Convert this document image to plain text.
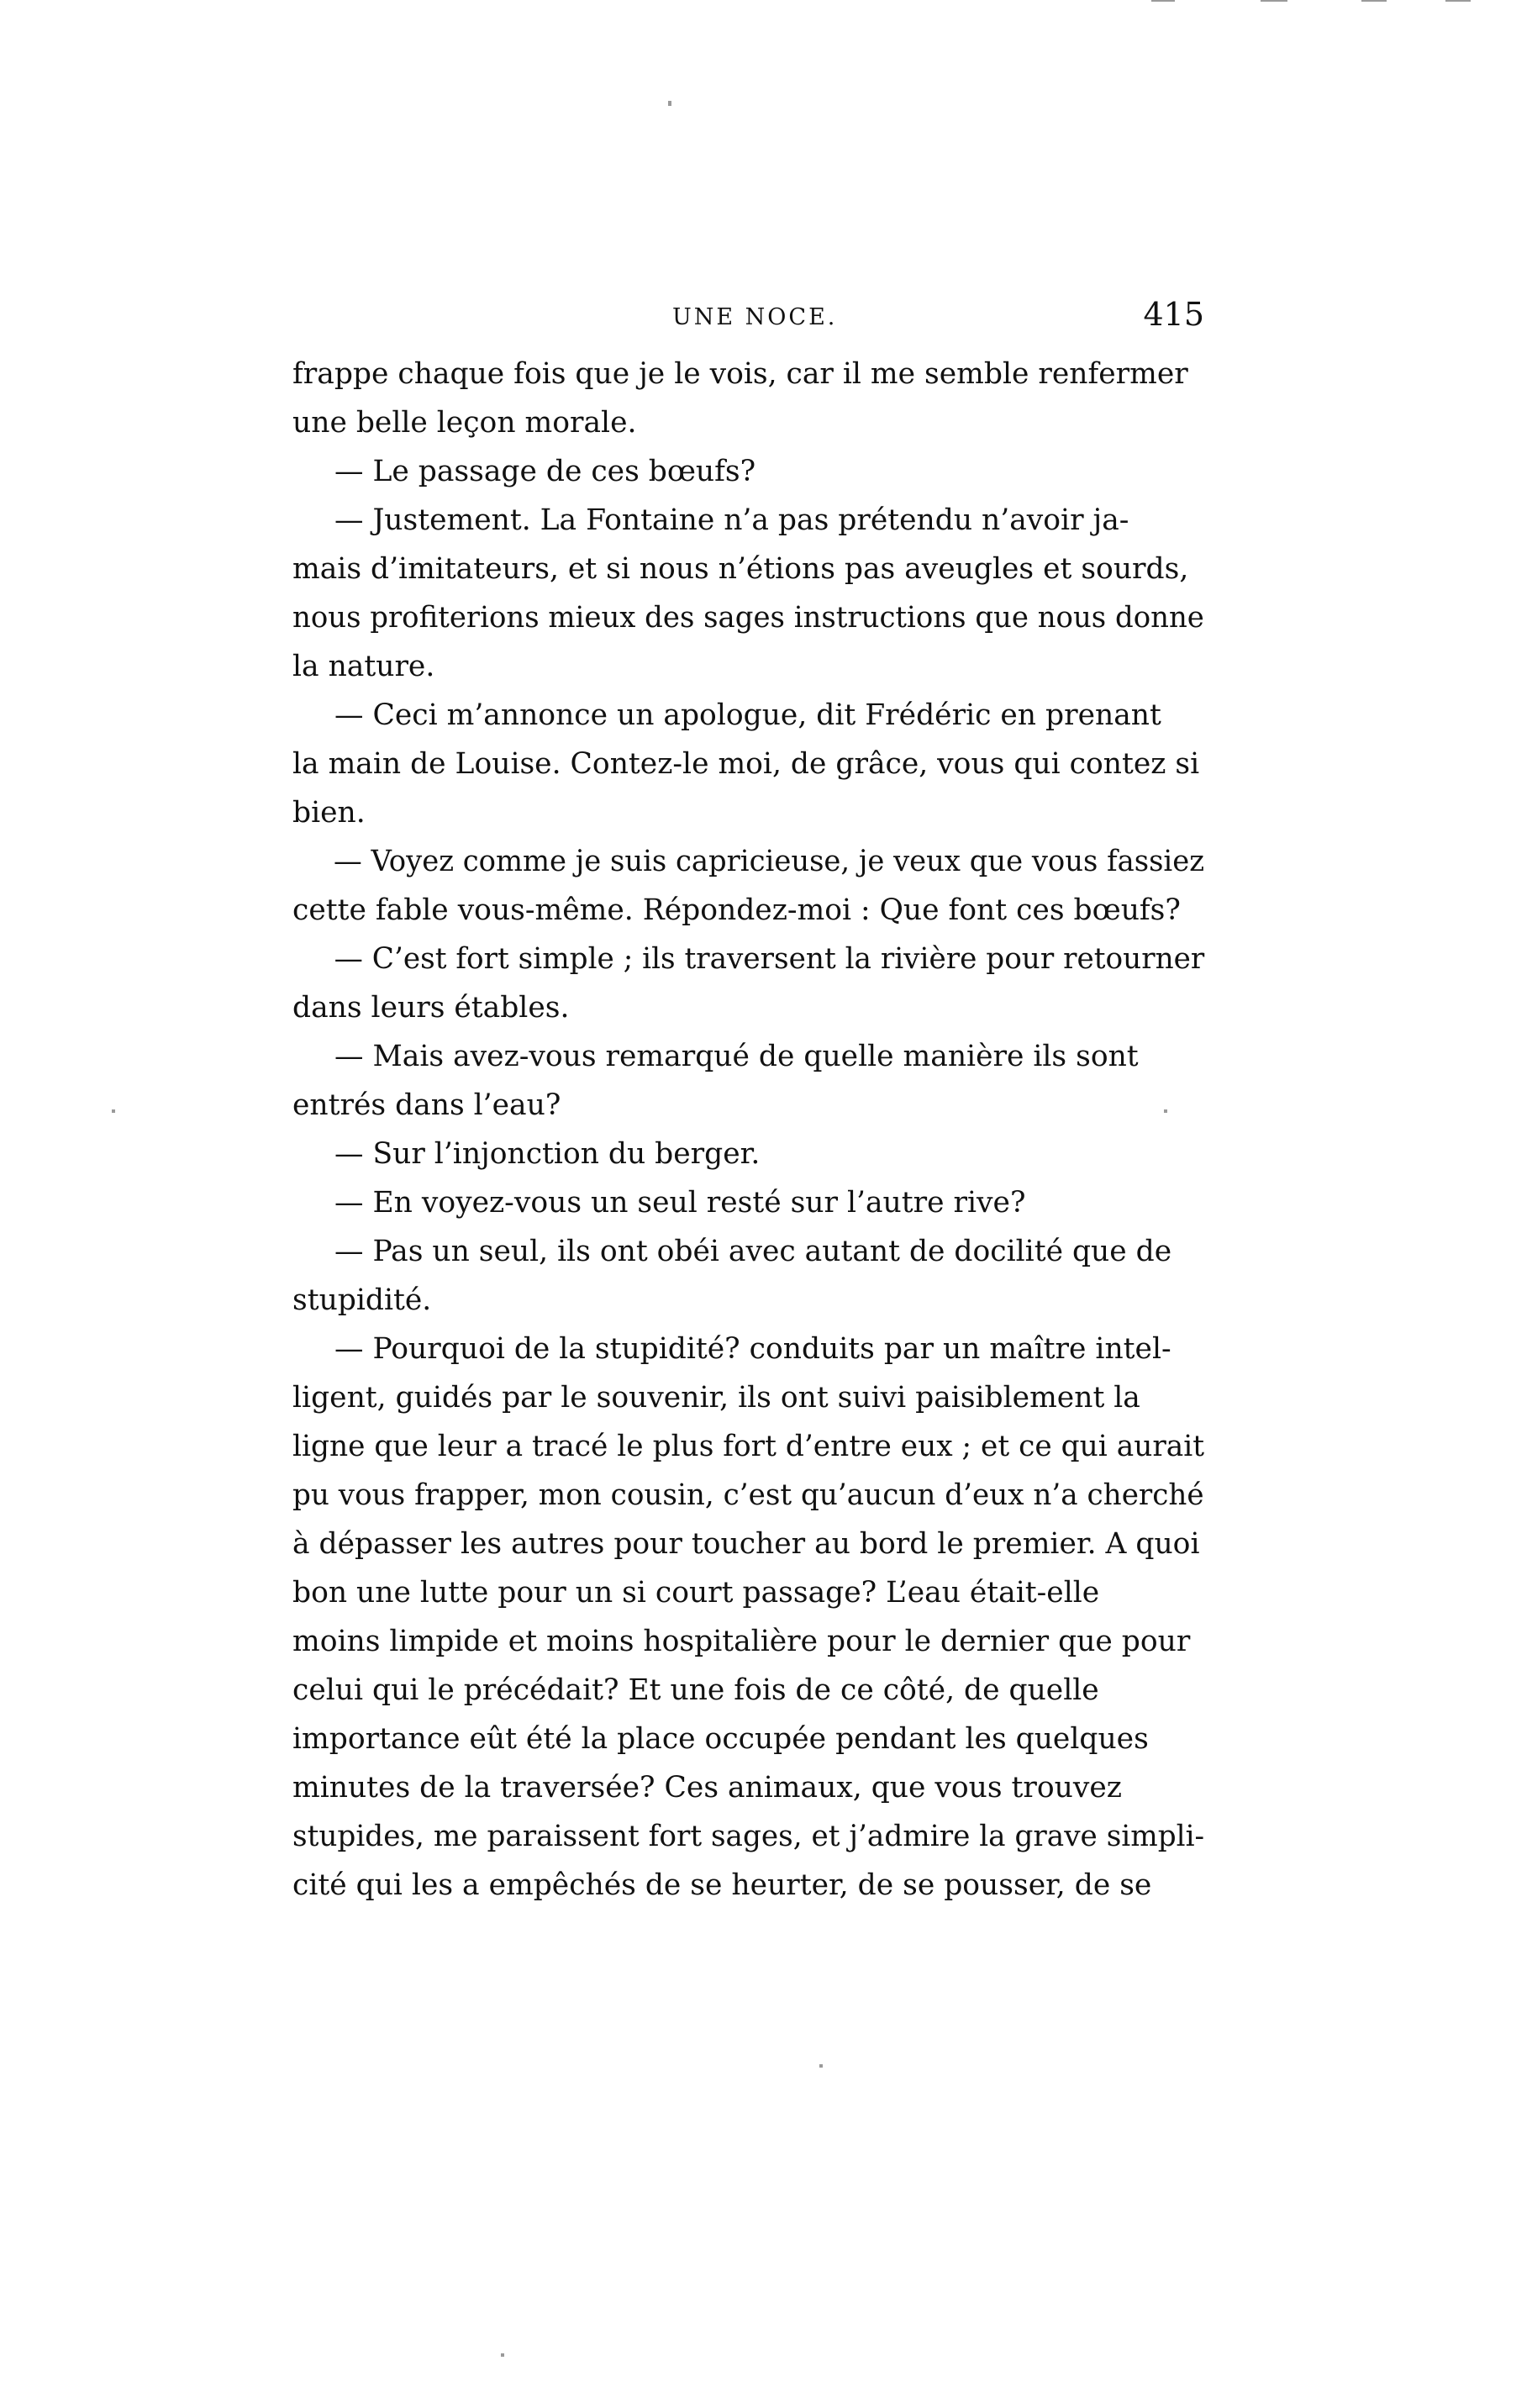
UNE NOCE.	415
frappe chaque fois que je le vois, car il me semble renfermer
une belle leçon morale.
— Le passage de ces bœufs?
— Justement. La Fontaine n’a pas prétendu n’avoir ja-
mais d’imitateurs, et si nous n’étions pas aveugles et sourds,
nous profiterions mieux des sages instructions que nous donne
la nature.
— Ceci m’annonce un apologue, dit Frédéric en prenant
la main de Louise. Contez-le moi, de grâce, vous qui contez si
bien.
— Voyez comme je suis capricieuse, je veux que vous fassiez
cette fable vous-même. Répondez-moi : Que font ces bœufs?
— C’est fort simple ; ils traversent la rivière pour retourner
dans leurs étables.
— Mais avez-vous remarqué de quelle manière ils sont
entrés dans l’eau?
— Sur l’injonction du berger.
— En voyez-vous un seul resté sur l’autre rive?
— Pas un seul, ils ont obéi avec autant de docilité que de
stupidité.
— Pourquoi de la stupidité? conduits par un maître intel-
ligent, guidés par le souvenir, ils ont suivi paisiblement la
ligne que leur a tracé le plus fort d’entre eux ; et ce qui aurait
pu vous frapper, mon cousin, c’est qu’aucun d’eux n’a cherché
à dépasser les autres pour toucher au bord le premier. A quoi
bon une lutte pour un si court passage? L’eau était-elle
moins limpide et moins hospitalière pour le dernier que pour
celui qui le précédait? Et une fois de ce côté, de quelle
importance eût été la place occupée pendant les quelques
minutes de la traversée? Ces animaux, que vous trouvez
stupides, me paraissent fort sages, et j’admire la grave simpli-
cité qui les a empêchés de se heurter, de se pousser, de se
